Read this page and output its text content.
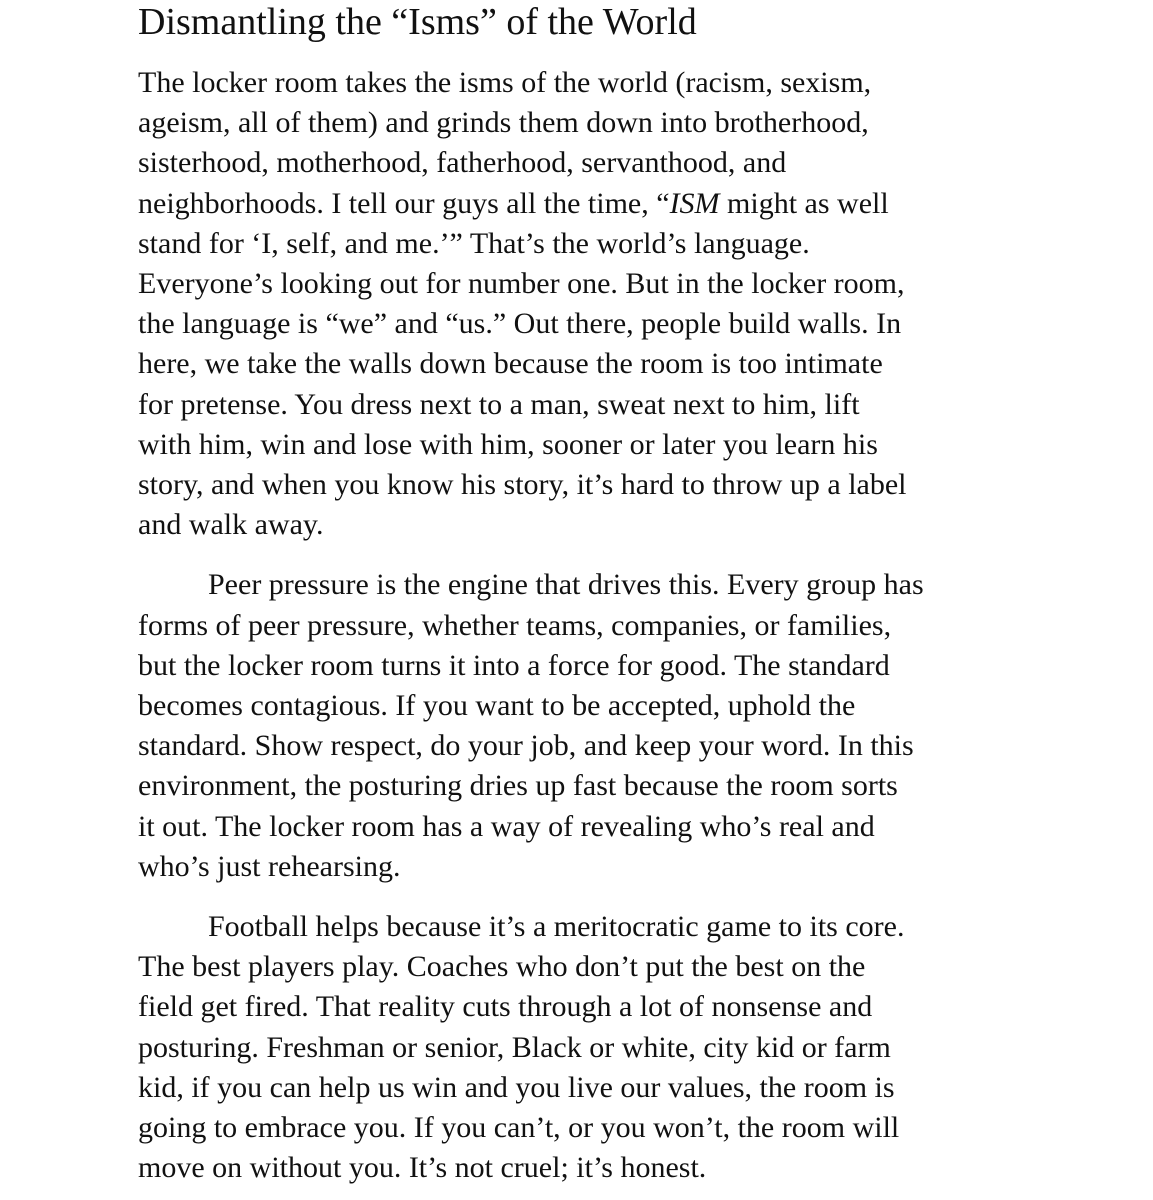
Dismantling the “Isms” of the World

The locker room takes the isms of the world (racism, sexism,
ageism, all of them) and grinds them down into brotherhood,
sisterhood, motherhood, fatherhood, servanthood, and
neighborhoods. I tell our guys all the time, “ISM might as well
stand for ‘I, self, and me.’” That’s the world’s language.
Everyone’s looking out for number one. But in the locker room,
the language is “we” and “us.” Out there, people build walls. In
here, we take the walls down because the room is too intimate
for pretense. You dress next to a man, sweat next to him, lift
with him, win and lose with him, sooner or later you learn his
story, and when you know his story, it’s hard to throw up a label
and walk away.

Peer pressure is the engine that drives this. Every group has
forms of peer pressure, whether teams, companies, or families,
but the locker room turns it into a force for good. The standard
becomes contagious. If you want to be accepted, uphold the
standard. Show respect, do your job, and keep your word. In this
environment, the posturing dries up fast because the room sorts
it out. The locker room has a way of revealing who’s real and
who’s just rehearsing.

Football helps because it’s a meritocratic game to its core.
The best players play. Coaches who don’t put the best on the
field get fired. That reality cuts through a lot of nonsense and
posturing. Freshman or senior, Black or white, city kid or farm
kid, if you can help us win and you live our values, the room is
going to embrace you. If you can’t, or you won’t, the room will
move on without you. It’s not cruel; it’s honest.
